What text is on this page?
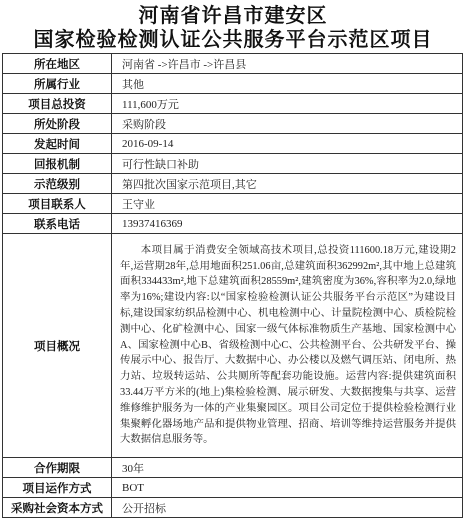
河南省许昌市建安区
国家检验检测认证公共服务平台示范区项目
所在地区	河南省 ->许昌市 ->许昌县
所属行业	其他
项目总投资	111,600万元
所处阶段	采购阶段
发起时间	2016-09-14
回报机制	可行性缺口补助
示范级别	第四批次国家示范项目,其它
项目联系人	王守业
联系电话	13937416369
项目概况	本项目属于消费安全领域高技术项目,总投资111600.18万元,建设期2年,运营期28年,总用地面积251.06亩,总建筑面积362992m²,其中地上总建筑面积334433m²,地下总建筑面积28559m²,建筑密度为36%,容积率为2.0,绿地率为16%;建设内容:以“国家检验检测认证公共服务平台示范区”为建设目标,建设国家纺织品检测中心、机电检测中心、计量院检测中心、质检院检测中心、化矿检测中心、国家一级气体标准物质生产基地、国家检测中心A、国家检测中心B、省级检测中心C、公共检测平台、公共研发平台、操传展示中心、报告厅、大数据中心、办公楼以及燃气调压站、闭电所、热力站、垃圾转运站、公共厕所等配套功能设施。运营内容:提供建筑面积33.44万平方米的(地上)集检验检测、展示研发、大数据搜集与共享、运营维修维护服务为一体的产业集聚园区。项目公司定位于提供检验检测行业集聚孵化器场地产品和提供物业管理、招商、培训等维持运营服务并提供大数据信息服务等。
合作期限	30年
项目运作方式	BOT
采购社会资本方式	公开招标
